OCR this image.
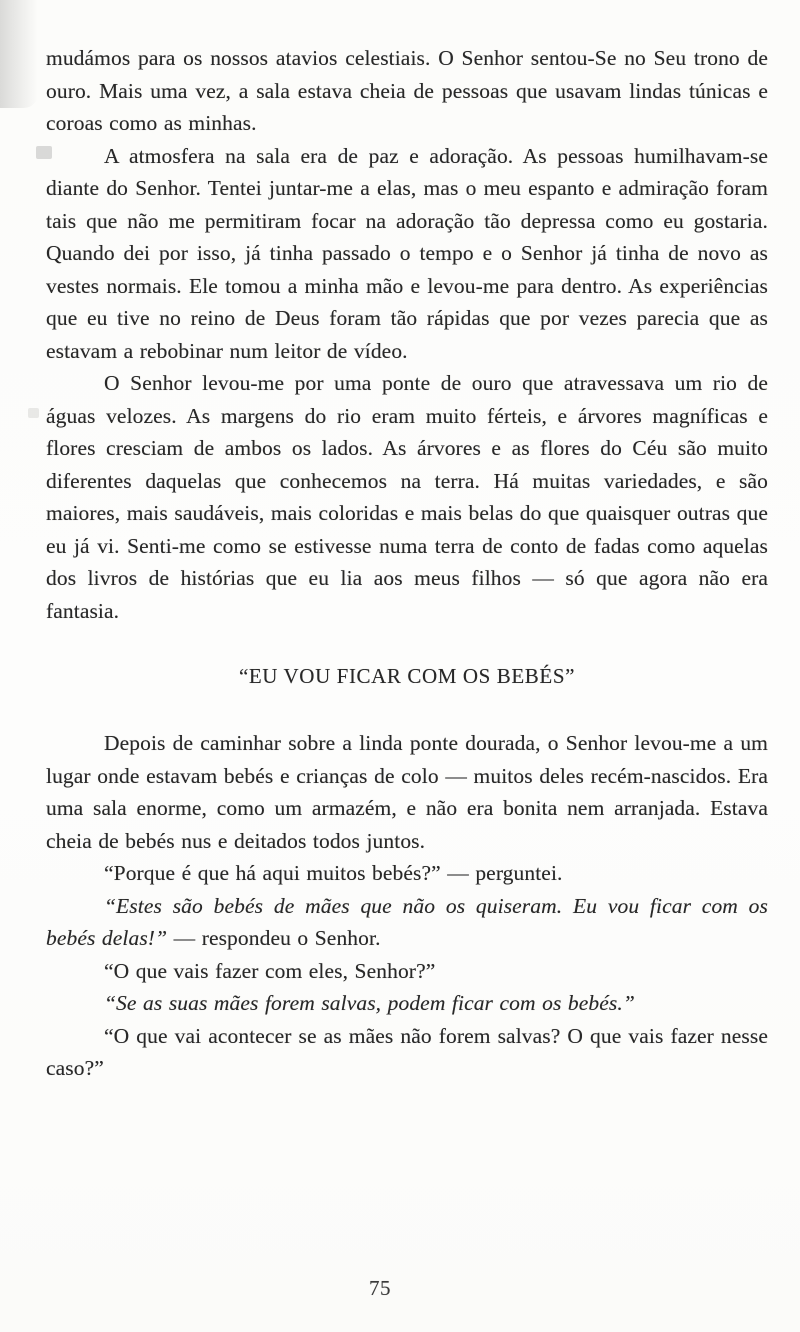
mudámos para os nossos atavios celestiais. O Senhor sentou-Se no Seu trono de ouro. Mais uma vez, a sala estava cheia de pessoas que usavam lindas túnicas e coroas como as minhas.

A atmosfera na sala era de paz e adoração. As pessoas humilhavam-se diante do Senhor. Tentei juntar-me a elas, mas o meu espanto e admiração foram tais que não me permitiram focar na adoração tão depressa como eu gostaria. Quando dei por isso, já tinha passado o tempo e o Senhor já tinha de novo as vestes normais. Ele tomou a minha mão e levou-me para dentro. As experiências que eu tive no reino de Deus foram tão rápidas que por vezes parecia que as estavam a rebobinar num leitor de vídeo.

O Senhor levou-me por uma ponte de ouro que atravessava um rio de águas velozes. As margens do rio eram muito férteis, e árvores magníficas e flores cresciam de ambos os lados. As árvores e as flores do Céu são muito diferentes daquelas que conhecemos na terra. Há muitas variedades, e são maiores, mais saudáveis, mais coloridas e mais belas do que quaisquer outras que eu já vi. Senti-me como se estivesse numa terra de conto de fadas como aquelas dos livros de histórias que eu lia aos meus filhos — só que agora não era fantasia.

“EU VOU FICAR COM OS BEBÉS”

Depois de caminhar sobre a linda ponte dourada, o Senhor levou-me a um lugar onde estavam bebés e crianças de colo — muitos deles recém-nascidos. Era uma sala enorme, como um armazém, e não era bonita nem arranjada. Estava cheia de bebés nus e deitados todos juntos.

“Porque é que há aqui muitos bebés?” — perguntei.

“Estes são bebés de mães que não os quiseram. Eu vou ficar com os bebés delas!” — respondeu o Senhor.

“O que vais fazer com eles, Senhor?”

“Se as suas mães forem salvas, podem ficar com os bebés.”

“O que vai acontecer se as mães não forem salvas? O que vais fazer nesse caso?”

75
